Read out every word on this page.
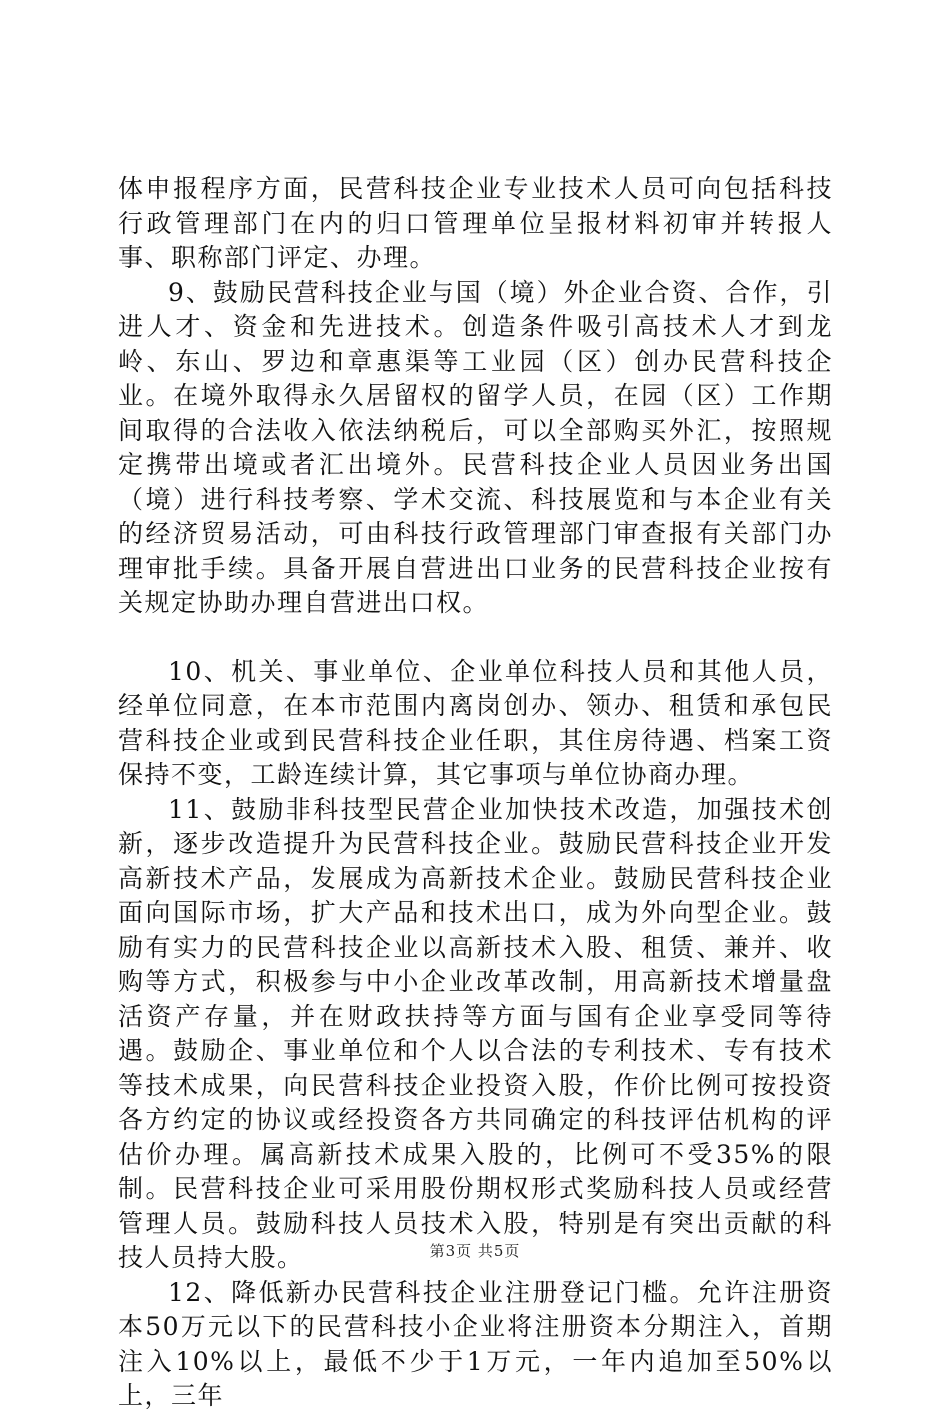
体申报程序方面，民营科技企业专业技术人员可向包括科技行政管理部门在内的归口管理单位呈报材料初审并转报人事、职称部门评定、办理。

9、鼓励民营科技企业与国（境）外企业合资、合作，引进人才、资金和先进技术。创造条件吸引高技术人才到龙岭、东山、罗边和章惠渠等工业园（区）创办民营科技企业。在境外取得永久居留权的留学人员，在园（区）工作期间取得的合法收入依法纳税后，可以全部购买外汇，按照规定携带出境或者汇出境外。民营科技企业人员因业务出国（境）进行科技考察、学术交流、科技展览和与本企业有关的经济贸易活动，可由科技行政管理部门审查报有关部门办理审批手续。具备开展自营进出口业务的民营科技企业按有关规定协助办理自营进出口权。

10、机关、事业单位、企业单位科技人员和其他人员，经单位同意，在本市范围内离岗创办、领办、租赁和承包民营科技企业或到民营科技企业任职，其住房待遇、档案工资保持不变，工龄连续计算，其它事项与单位协商办理。

11、鼓励非科技型民营企业加快技术改造，加强技术创新，逐步改造提升为民营科技企业。鼓励民营科技企业开发高新技术产品，发展成为高新技术企业。鼓励民营科技企业面向国际市场，扩大产品和技术出口，成为外向型企业。鼓励有实力的民营科技企业以高新技术入股、租赁、兼并、收购等方式，积极参与中小企业改革改制，用高新技术增量盘活资产存量，并在财政扶持等方面与国有企业享受同等待遇。鼓励企、事业单位和个人以合法的专利技术、专有技术等技术成果，向民营科技企业投资入股，作价比例可按投资各方约定的协议或经投资各方共同确定的科技评估机构的评估价办理。属高新技术成果入股的，比例可不受35%的限制。民营科技企业可采用股份期权形式奖励科技人员或经营管理人员。鼓励科技人员技术入股，特别是有突出贡献的科技人员持大股。

12、降低新办民营科技企业注册登记门槛。允许注册资本50万元以下的民营科技小企业将注册资本分期注入，首期注入10%以上，最低不少于1万元，一年内追加至50%以上，三年

第3页 共5页
